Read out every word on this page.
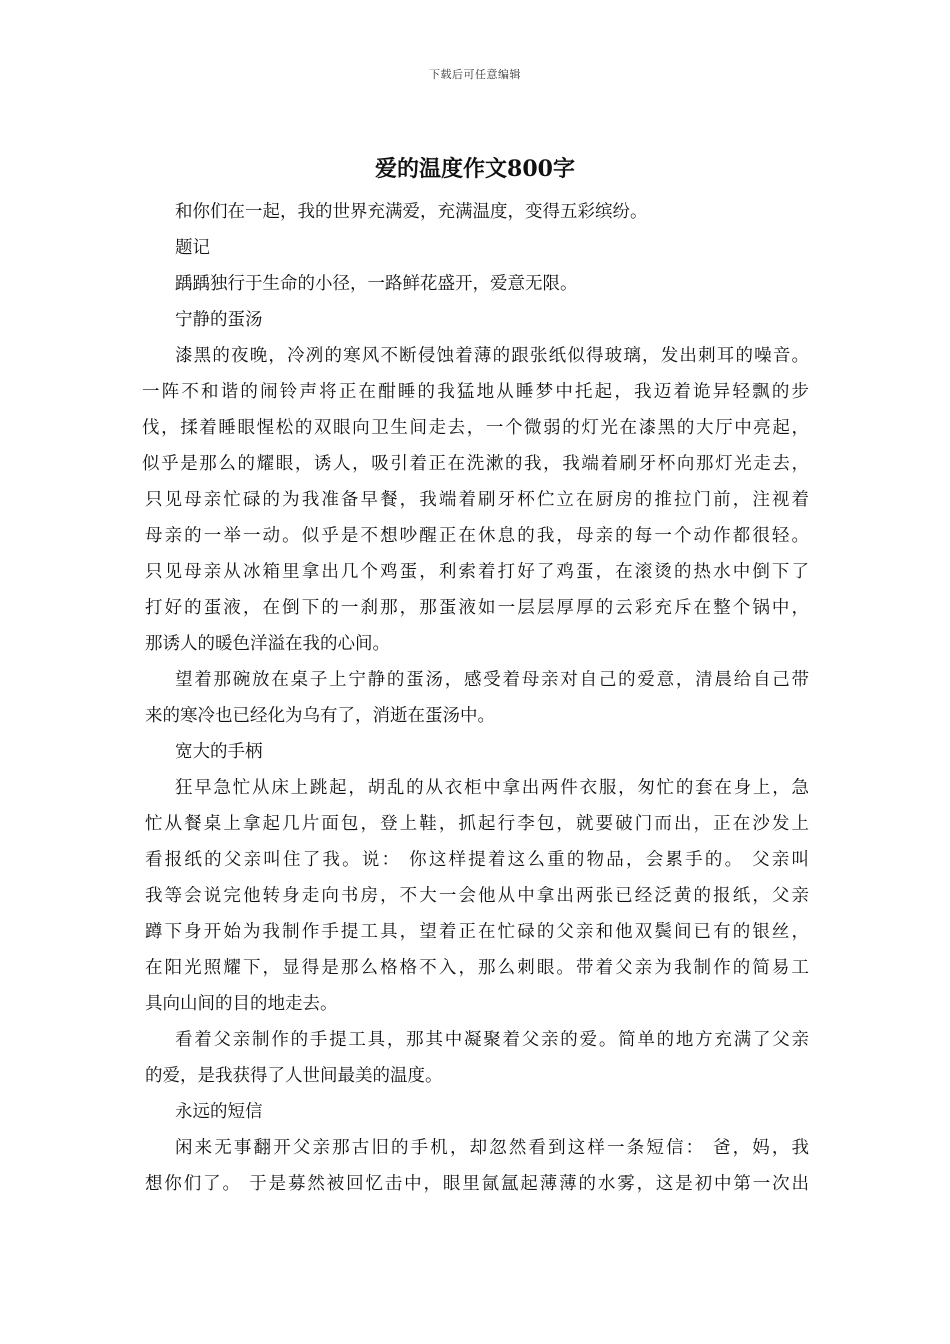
下载后可任意编辑
爱的温度作文800字
和你们在一起，我的世界充满爱，充满温度，变得五彩缤纷。
题记
踽踽独行于生命的小径，一路鲜花盛开，爱意无限。
宁静的蛋汤
漆黑的夜晚，冷冽的寒风不断侵蚀着薄的跟张纸似得玻璃，发出刺耳的噪音。
一阵不和谐的闹铃声将正在酣睡的我猛地从睡梦中托起，我迈着诡异轻飘的步
伐，揉着睡眼惺松的双眼向卫生间走去，一个微弱的灯光在漆黑的大厅中亮起，
似乎是那么的耀眼，诱人，吸引着正在洗漱的我，我端着刷牙杯向那灯光走去，
只见母亲忙碌的为我准备早餐，我端着刷牙杯伫立在厨房的推拉门前，注视着
母亲的一举一动。似乎是不想吵醒正在休息的我，母亲的每一个动作都很轻。
只见母亲从冰箱里拿出几个鸡蛋，利索着打好了鸡蛋，在滚烫的热水中倒下了
打好的蛋液，在倒下的一刹那，那蛋液如一层层厚厚的云彩充斥在整个锅中，
那诱人的暖色洋溢在我的心间。
望着那碗放在桌子上宁静的蛋汤，感受着母亲对自己的爱意，清晨给自己带
来的寒冷也已经化为乌有了，消逝在蛋汤中。
宽大的手柄
狂早急忙从床上跳起，胡乱的从衣柜中拿出两件衣服，匆忙的套在身上，急
忙从餐桌上拿起几片面包，登上鞋，抓起行李包，就要破门而出，正在沙发上
看报纸的父亲叫住了我。说： 你这样提着这么重的物品，会累手的。 父亲叫
我等会说完他转身走向书房，不大一会他从中拿出两张已经泛黄的报纸，父亲
蹲下身开始为我制作手提工具，望着正在忙碌的父亲和他双鬓间已有的银丝，
在阳光照耀下，显得是那么格格不入，那么刺眼。带着父亲为我制作的简易工
具向山间的目的地走去。
看着父亲制作的手提工具，那其中凝聚着父亲的爱。简单的地方充满了父亲
的爱，是我获得了人世间最美的温度。
永远的短信
闲来无事翻开父亲那古旧的手机，却忽然看到这样一条短信： 爸，妈，我
想你们了。 于是募然被回忆击中，眼里氤氲起薄薄的水雾，这是初中第一次出
